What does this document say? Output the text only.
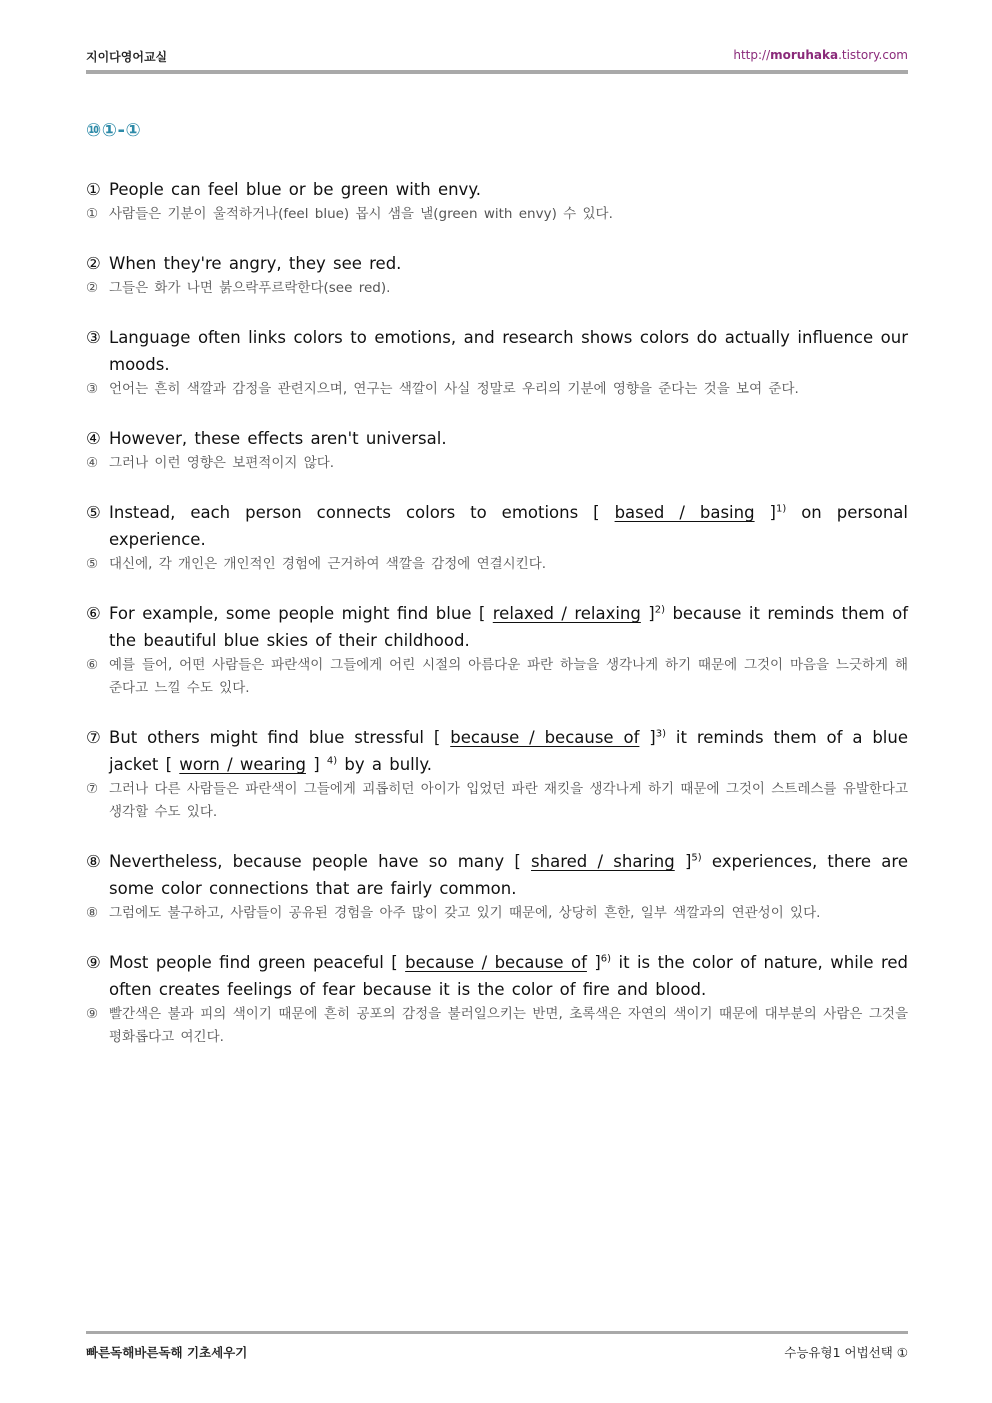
지이다영어교실	http://moruhaka.tistory.com
⑩①-①
① People can feel blue or be green with envy.
① 사람들은 기분이 울적하거나(feel blue) 몹시 샘을 낼(green with envy) 수 있다.
② When they're angry, they see red.
② 그들은 화가 나면 붉으락푸르락한다(see red).
③ Language often links colors to emotions, and research shows colors do actually influence our moods.
③ 언어는 흔히 색깔과 감정을 관련지으며, 연구는 색깔이 사실 정말로 우리의 기분에 영향을 준다는 것을 보여 준다.
④ However, these effects aren't universal.
④ 그러나 이런 영향은 보편적이지 않다.
⑤ Instead, each person connects colors to emotions [ based / basing ]$^{1)}$ on personal experience.
⑤ 대신에, 각 개인은 개인적인 경험에 근거하여 색깔을 감정에 연결시킨다.
⑥ For example, some people might find blue [ relaxed / relaxing ]$^{2)}$ because it reminds them of the beautiful blue skies of their childhood.
⑥ 예를 들어, 어떤 사람들은 파란색이 그들에게 어린 시절의 아름다운 파란 하늘을 생각나게 하기 때문에 그것이 마음을 느긋하게 해준다고 느낄 수도 있다.
⑦ But others might find blue stressful [ because / because of ]$^{3)}$ it reminds them of a blue jacket [ worn / wearing ] $^{4)}$ by a bully.
⑦ 그러나 다른 사람들은 파란색이 그들에게 괴롭히던 아이가 입었던 파란 재킷을 생각나게 하기 때문에 그것이 스트레스를 유발한다고 생각할 수도 있다.
⑧ Nevertheless, because people have so many [ shared / sharing ]$^{5)}$ experiences, there are some color connections that are fairly common.
⑧ 그럼에도 불구하고, 사람들이 공유된 경험을 아주 많이 갖고 있기 때문에, 상당히 흔한, 일부 색깔과의 연관성이 있다.
⑨ Most people find green peaceful [ because / because of ]$^{6)}$ it is the color of nature, while red often creates feelings of fear because it is the color of fire and blood.
⑨ 빨간색은 불과 피의 색이기 때문에 흔히 공포의 감정을 불러일으키는 반면, 초록색은 자연의 색이기 때문에 대부분의 사람은 그것을 평화롭다고 여긴다.
빠른독해바른독해 기초세우기	수능유형1 어법선택 ①
